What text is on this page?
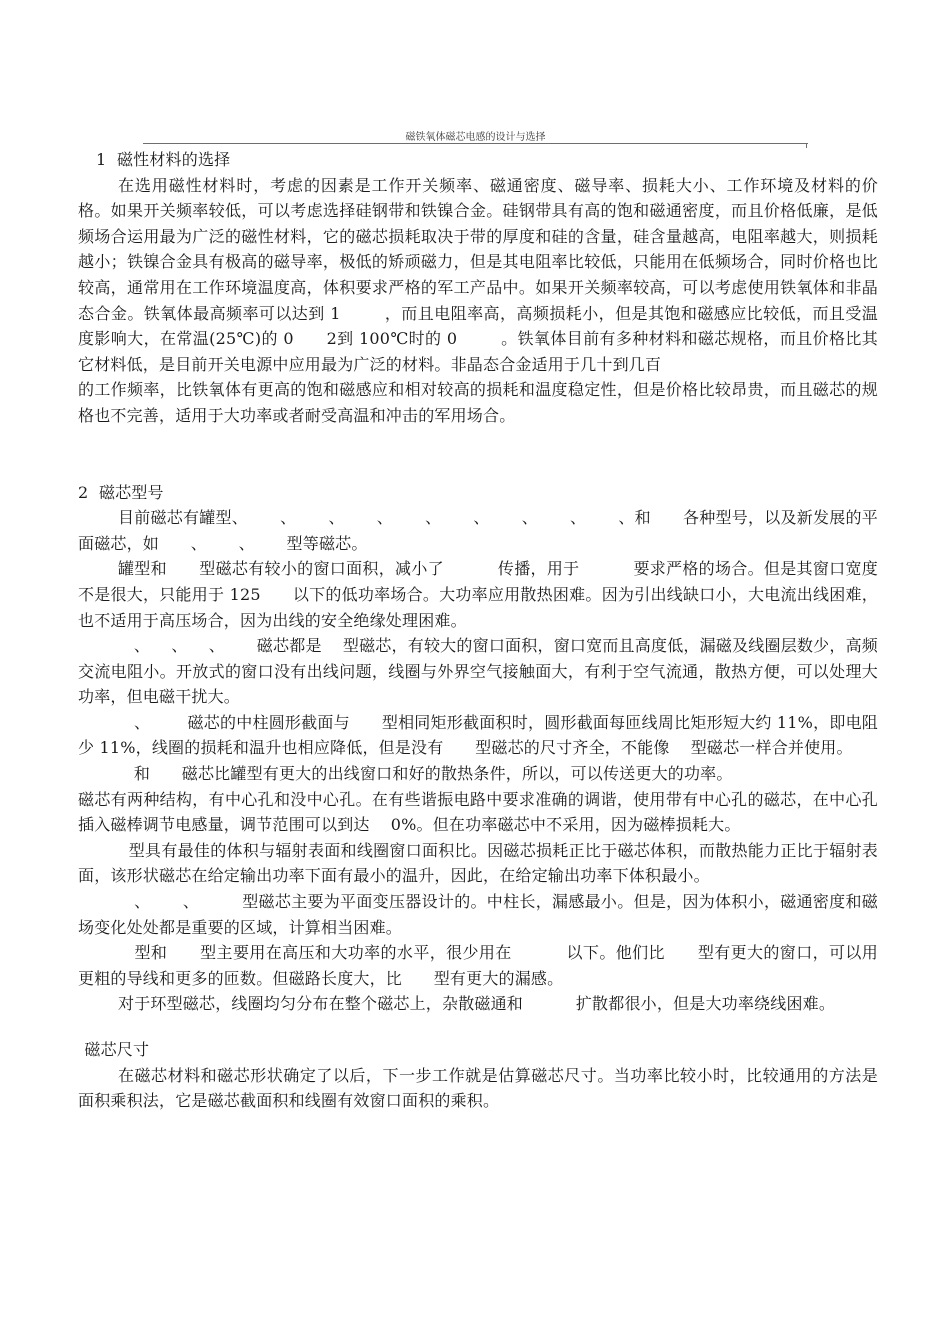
磁铁氧体磁芯电感的设计与选择

1  磁性材料的选择

在选用磁性材料时，考虑的因素是工作开关频率、磁通密度、磁导率、损耗大小、工作环境及材料的价格。如果开关频率较低，可以考虑选择硅钢带和铁镍合金。硅钢带具有高的饱和磁通密度，而且价格低廉，是低频场合运用最为广泛的磁性材料，它的磁芯损耗取决于带的厚度和硅的含量，硅含量越高，电阻率越大，则损耗越小；铁镍合金具有极高的磁导率，极低的矫顽磁力，但是其电阻率比较低，只能用在低频场合，同时价格也比较高，通常用在工作环境温度高，体积要求严格的军工产品中。如果开关频率较高，可以考虑使用铁氧体和非晶态合金。铁氧体最高频率可以达到 1        ，而且电阻率高，高频损耗小，但是其饱和磁感应比较低，而且受温度影响大，在常温(25℃)的 0      2到 100℃时的 0        。铁氧体目前有多种材料和磁芯规格，而且价格比其它材料低，是目前开关电源中应用最为广泛的材料。非晶态合金适用于几十到几百

的工作频率，比铁氧体有更高的饱和磁感应和相对较高的损耗和温度稳定性，但是价格比较昂贵，而且磁芯的规格也不完善，适用于大功率或者耐受高温和冲击的军用场合。

2  磁芯型号

目前磁芯有罐型、      、      、      、      、      、      、      、      、和      各种型号，以及新发展的平面磁芯，如      、      、      型等磁芯。

罐型和      型磁芯有较小的窗口面积，减小了          传播，用于          要求严格的场合。但是其窗口宽度不是很大，只能用于 125      以下的低功率场合。大功率应用散热困难。因为引出线缺口小，大电流出线困难，也不适用于高压场合，因为出线的安全绝缘处理困难。

、    、    、      磁芯都是    型磁芯，有较大的窗口面积，窗口宽而且高度低，漏磁及线圈层数少，高频交流电阻小。开放式的窗口没有出线问题，线圈与外界空气接触面大，有利于空气流通，散热方便，可以处理大功率，但电磁干扰大。

、       磁芯的中柱圆形截面与      型相同矩形截面积时，圆形截面每匝线周比矩形短大约 11%，即电阻少 11%，线圈的损耗和温升也相应降低，但是没有      型磁芯的尺寸齐全，不能像    型磁芯一样合并使用。

和      磁芯比罐型有更大的出线窗口和好的散热条件，所以，可以传送更大的功率。

磁芯有两种结构，有中心孔和没中心孔。在有些谐振电路中要求准确的调谐，使用带有中心孔的磁芯，在中心孔插入磁棒调节电感量，调节范围可以到达    0%。但在功率磁芯中不采用，因为磁棒损耗大。

型具有最佳的体积与辐射表面和线圈窗口面积比。因磁芯损耗正比于磁芯体积，而散热能力正比于辐射表面，该形状磁芯在给定输出功率下面有最小的温升，因此，在给定输出功率下体积最小。

、      、        型磁芯主要为平面变压器设计的。中柱长，漏感最小。但是，因为体积小，磁通密度和磁场变化处处都是重要的区域，计算相当困难。

型和      型主要用在高压和大功率的水平，很少用在          以下。他们比      型有更大的窗口，可以用更粗的导线和更多的匝数。但磁路长度大，比      型有更大的漏感。

对于环型磁芯，线圈均匀分布在整个磁芯上，杂散磁通和          扩散都很小，但是大功率绕线困难。

磁芯尺寸

在磁芯材料和磁芯形状确定了以后，下一步工作就是估算磁芯尺寸。当功率比较小时，比较通用的方法是面积乘积法，它是磁芯截面积和线圈有效窗口面积的乘积。
